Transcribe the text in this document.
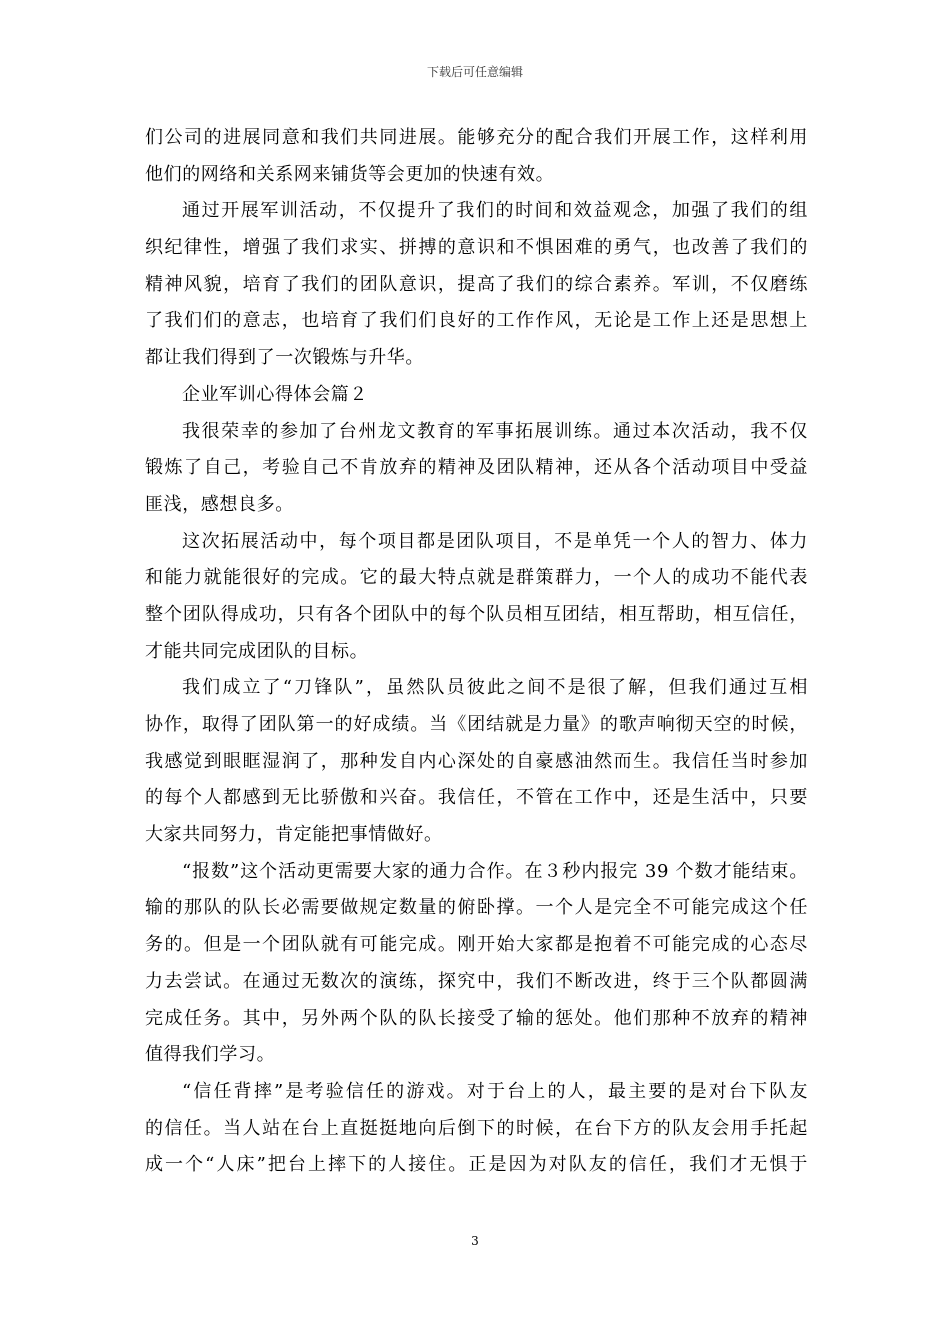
下载后可任意编辑
们公司的进展同意和我们共同进展。能够充分的配合我们开展工作，这样利用
他们的网络和关系网来铺货等会更加的快速有效。
通过开展军训活动，不仅提升了我们的时间和效益观念，加强了我们的组
织纪律性，增强了我们求实、拼搏的意识和不惧困难的勇气，也改善了我们的
精神风貌，培育了我们的团队意识，提高了我们的综合素养。军训，不仅磨练
了我们们的意志，也培育了我们们良好的工作作风，无论是工作上还是思想上
都让我们得到了一次锻炼与升华。
企业军训心得体会篇２
我很荣幸的参加了台州龙文教育的军事拓展训练。通过本次活动，我不仅
锻炼了自己，考验自己不肯放弃的精神及团队精神，还从各个活动项目中受益
匪浅，感想良多。
这次拓展活动中，每个项目都是团队项目，不是单凭一个人的智力、体力
和能力就能很好的完成。它的最大特点就是群策群力，一个人的成功不能代表
整个团队得成功，只有各个团队中的每个队员相互团结，相互帮助，相互信任，
才能共同完成团队的目标。
我们成立了“刀锋队”，虽然队员彼此之间不是很了解，但我们通过互相
协作，取得了团队第一的好成绩。当《团结就是力量》的歌声响彻天空的时候，
我感觉到眼眶湿润了，那种发自内心深处的自豪感油然而生。我信任当时参加
的每个人都感到无比骄傲和兴奋。我信任，不管在工作中，还是生活中，只要
大家共同努力，肯定能把事情做好。
“报数”这个活动更需要大家的通力合作。在３秒内报完 39 个数才能结束。
输的那队的队长必需要做规定数量的俯卧撑。一个人是完全不可能完成这个任
务的。但是一个团队就有可能完成。刚开始大家都是抱着不可能完成的心态尽
力去尝试。在通过无数次的演练，探究中，我们不断改进，终于三个队都圆满
完成任务。其中，另外两个队的队长接受了输的惩处。他们那种不放弃的精神
值得我们学习。
“信任背摔”是考验信任的游戏。对于台上的人，最主要的是对台下队友
的信任。当人站在台上直挺挺地向后倒下的时候，在台下方的队友会用手托起
成一个“人床”把台上摔下的人接住。正是因为对队友的信任，我们才无惧于
3
